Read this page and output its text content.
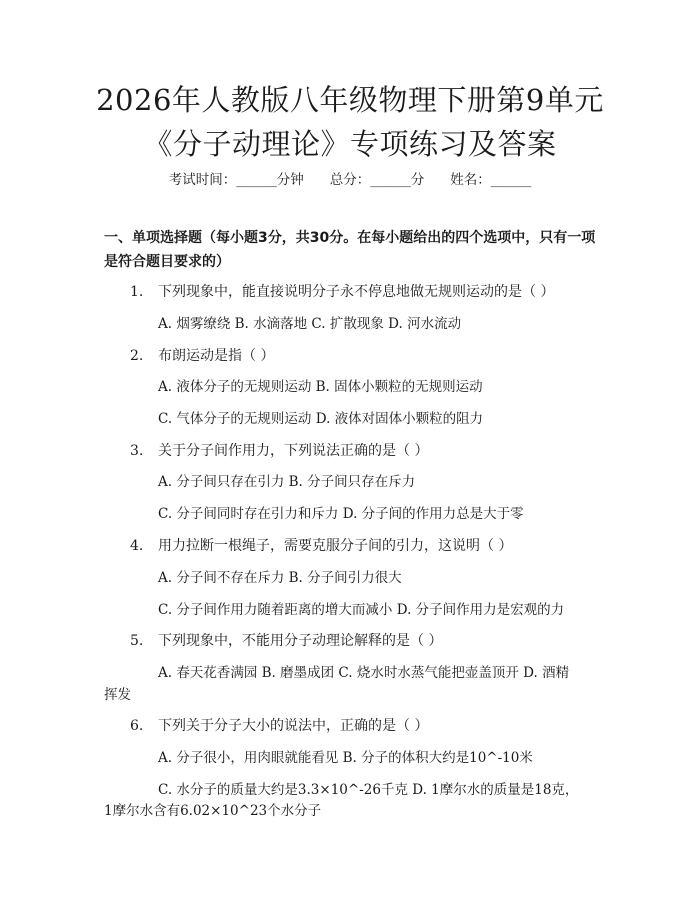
2026年人教版八年级物理下册第9单元《分子动理论》专项练习及答案
考试时间：______分钟 总分：______分 姓名：______
一、单项选择题（每小题3分，共30分。在每小题给出的四个选项中，只有一项是符合题目要求的）
1. 下列现象中，能直接说明分子永不停息地做无规则运动的是（ ）
A. 烟雾缭绕 B. 水滴落地 C. 扩散现象 D. 河水流动
2. 布朗运动是指（ ）
A. 液体分子的无规则运动 B. 固体小颗粒的无规则运动
C. 气体分子的无规则运动 D. 液体对固体小颗粒的阻力
3. 关于分子间作用力，下列说法正确的是（ ）
A. 分子间只存在引力 B. 分子间只存在斥力
C. 分子间同时存在引力和斥力 D. 分子间的作用力总是大于零
4. 用力拉断一根绳子，需要克服分子间的引力，这说明（ ）
A. 分子间不存在斥力 B. 分子间引力很大
C. 分子间作用力随着距离的增大而减小 D. 分子间作用力是宏观的力
5. 下列现象中，不能用分子动理论解释的是（ ）
A. 春天花香满园 B. 磨墨成团 C. 烧水时水蒸气能把壶盖顶开 D. 酒精
挥发
6. 下列关于分子大小的说法中，正确的是（ ）
A. 分子很小，用肉眼就能看见 B. 分子的体积大约是10^-10米
C. 水分子的质量大约是3.3×10^-26千克 D. 1摩尔水的质量是18克，
1摩尔水含有6.02×10^23个水分子
